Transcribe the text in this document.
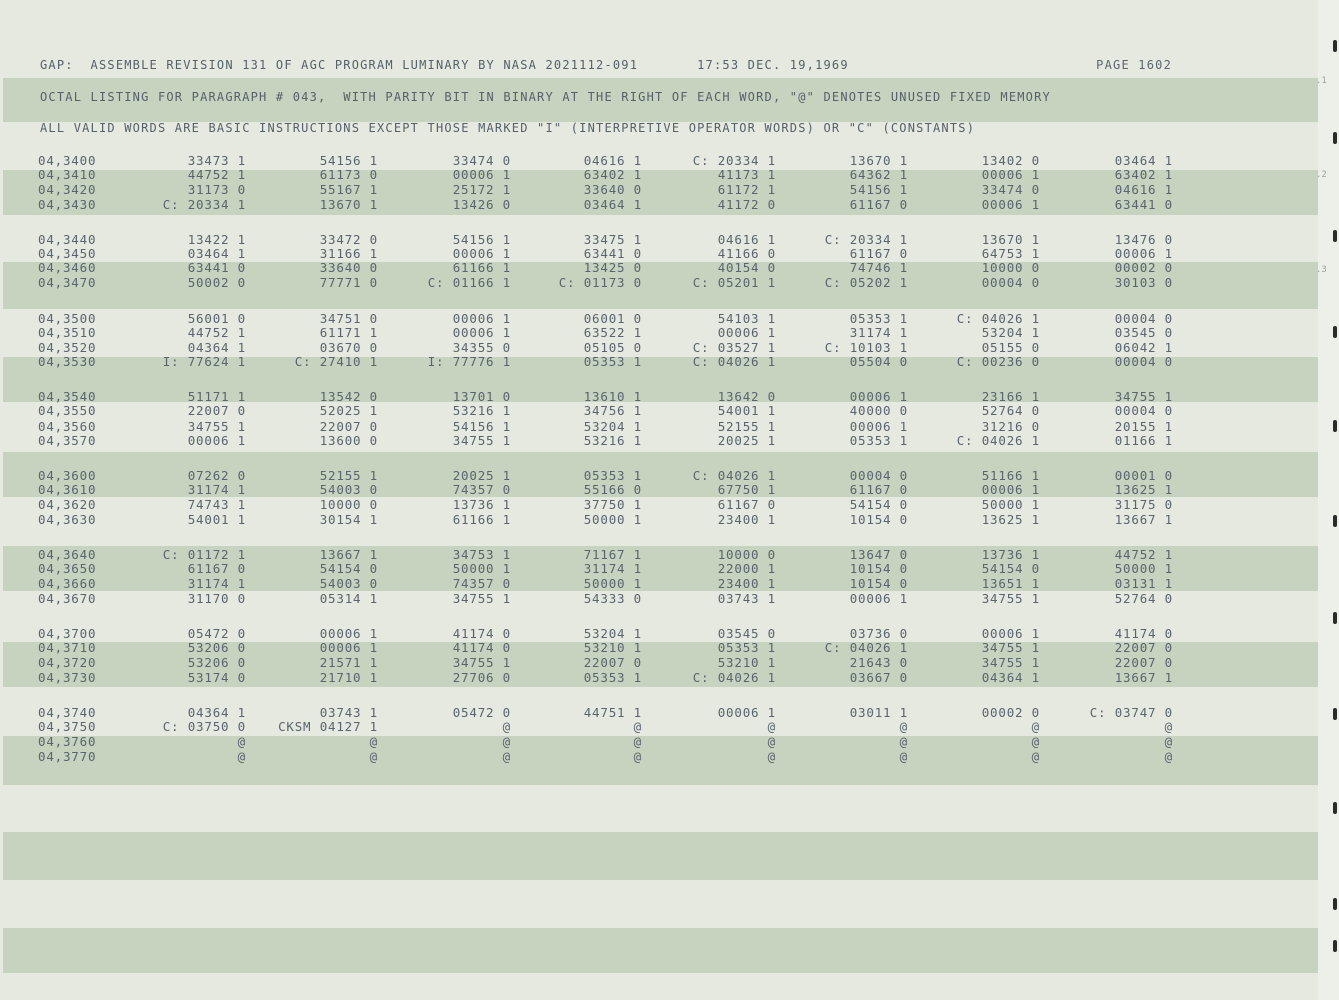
GAP:  ASSEMBLE REVISION 131 OF AGC PROGRAM LUMINARY BY NASA 2021112-091       17:53 DEC. 19,1969	PAGE 1602
OCTAL LISTING FOR PARAGRAPH # 043,  WITH PARITY BIT IN BINARY AT THE RIGHT OF EACH WORD, "@" DENOTES UNUSED FIXED MEMORY
ALL VALID WORDS ARE BASIC INSTRUCTIONS EXCEPT THOSE MARKED "I" (INTERPRETIVE OPERATOR WORDS) OR "C" (CONSTANTS)
04,3400	33473 1	54156 1	33474 0	04616 1	C: 20334 1	13670 1	13402 0	03464 1
04,3410	44752 1	61173 0	00006 1	63402 1	41173 1	64362 1	00006 1	63402 1
04,3420	31173 0	55167 1	25172 1	33640 0	61172 1	54156 1	33474 0	04616 1
04,3430	C: 20334 1	13670 1	13426 0	03464 1	41172 0	61167 0	00006 1	63441 0
04,3440	13422 1	33472 0	54156 1	33475 1	04616 1	C: 20334 1	13670 1	13476 0
04,3450	03464 1	31166 1	00006 1	63441 0	41166 0	61167 0	64753 1	00006 1
04,3460	63441 0	33640 0	61166 1	13425 0	40154 0	74746 1	10000 0	00002 0
04,3470	50002 0	77771 0	C: 01166 1	C: 01173 0	C: 05201 1	C: 05202 1	00004 0	30103 0
04,3500	56001 0	34751 0	00006 1	06001 0	54103 1	05353 1	C: 04026 1	00004 0
04,3510	44752 1	61171 1	00006 1	63522 1	00006 1	31174 1	53204 1	03545 0
04,3520	04364 1	03670 0	34355 0	05105 0	C: 03527 1	C: 10103 1	05155 0	06042 1
04,3530	I: 77624 1	C: 27410 1	I: 77776 1	05353 1	C: 04026 1	05504 0	C: 00236 0	00004 0
04,3540	51171 1	13542 0	13701 0	13610 1	13642 0	00006 1	23166 1	34755 1
04,3550	22007 0	52025 1	53216 1	34756 1	54001 1	40000 0	52764 0	00004 0
04,3560	34755 1	22007 0	54156 1	53204 1	52155 1	00006 1	31216 0	20155 1
04,3570	00006 1	13600 0	34755 1	53216 1	20025 1	05353 1	C: 04026 1	01166 1
04,3600	07262 0	52155 1	20025 1	05353 1	C: 04026 1	00004 0	51166 1	00001 0
04,3610	31174 1	54003 0	74357 0	55166 0	67750 1	61167 0	00006 1	13625 1
04,3620	74743 1	10000 0	13736 1	37750 1	61167 0	54154 0	50000 1	31175 0
04,3630	54001 1	30154 1	61166 1	50000 1	23400 1	10154 0	13625 1	13667 1
04,3640	C: 01172 1	13667 1	34753 1	71167 1	10000 0	13647 0	13736 1	44752 1
04,3650	61167 0	54154 0	50000 1	31174 1	22000 1	10154 0	54154 0	50000 1
04,3660	31174 1	54003 0	74357 0	50000 1	23400 1	10154 0	13651 1	03131 1
04,3670	31170 0	05314 1	34755 1	54333 0	03743 1	00006 1	34755 1	52764 0
04,3700	05472 0	00006 1	41174 0	53204 1	03545 0	03736 0	00006 1	41174 0
04,3710	53206 0	00006 1	41174 0	53210 1	05353 1	C: 04026 1	34755 1	22007 0
04,3720	53206 0	21571 1	34755 1	22007 0	53210 1	21643 0	34755 1	22007 0
04,3730	53174 0	21710 1	27706 0	05353 1	C: 04026 1	03667 0	04364 1	13667 1
04,3740	04364 1	03743 1	05472 0	44751 1	00006 1	03011 1	00002 0	C: 03747 0
04,3750	C: 03750 0	CKSM 04127 1	@	@	@	@	@	@
04,3760	@	@	@	@	@	@	@	@
04,3770	@	@	@	@	@	@	@	@
.1
.2
.3
